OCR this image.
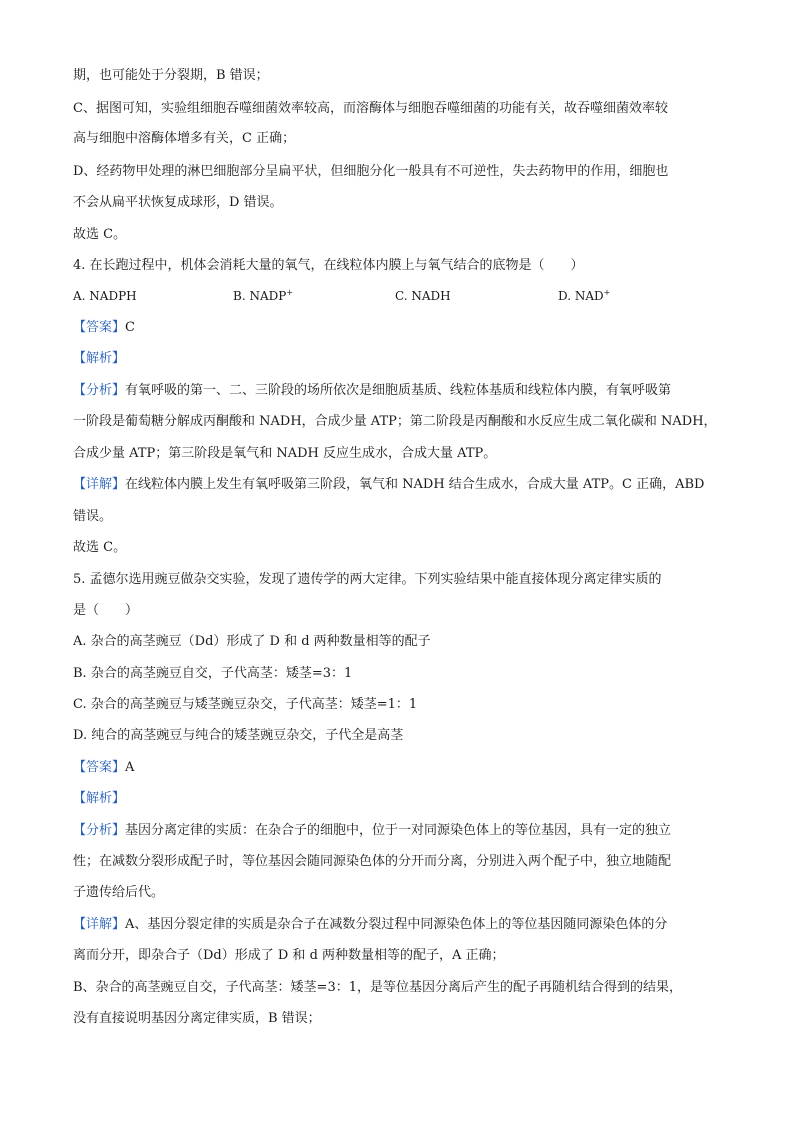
期，也可能处于分裂期，B 错误；
C、据图可知，实验组细胞吞噬细菌效率较高，而溶酶体与细胞吞噬细菌的功能有关，故吞噬细菌效率较
高与细胞中溶酶体增多有关，C 正确；
D、经药物甲处理的淋巴细胞部分呈扁平状，但细胞分化一般具有不可逆性，失去药物甲的作用，细胞也
不会从扁平状恢复成球形，D 错误。
故选 C。
4. 在长跑过程中，机体会消耗大量的氧气，在线粒体内膜上与氧气结合的底物是（　　）
A. NADPH	B. NADP+	C. NADH	D. NAD+
【答案】C
【解析】
【分析】有氧呼吸的第一、二、三阶段的场所依次是细胞质基质、线粒体基质和线粒体内膜，有氧呼吸第
一阶段是葡萄糖分解成丙酮酸和 NADH，合成少量 ATP；第二阶段是丙酮酸和水反应生成二氧化碳和 NADH，
合成少量 ATP；第三阶段是氧气和 NADH 反应生成水，合成大量 ATP。
【详解】在线粒体内膜上发生有氧呼吸第三阶段，氧气和 NADH 结合生成水，合成大量 ATP。C 正确，ABD
错误。
故选 C。
5. 孟德尔选用豌豆做杂交实验，发现了遗传学的两大定律。下列实验结果中能直接体现分离定律实质的
是（　　）
A. 杂合的高茎豌豆（Dd）形成了 D 和 d 两种数量相等的配子
B. 杂合的高茎豌豆自交，子代高茎：矮茎=3：1
C. 杂合的高茎豌豆与矮茎豌豆杂交，子代高茎：矮茎=1：1
D. 纯合的高茎豌豆与纯合的矮茎豌豆杂交，子代全是高茎
【答案】A
【解析】
【分析】基因分离定律的实质：在杂合子的细胞中，位于一对同源染色体上的等位基因，具有一定的独立
性；在减数分裂形成配子时，等位基因会随同源染色体的分开而分离，分别进入两个配子中，独立地随配
子遗传给后代。
【详解】A、基因分裂定律的实质是杂合子在减数分裂过程中同源染色体上的等位基因随同源染色体的分
离而分开，即杂合子（Dd）形成了 D 和 d 两种数量相等的配子，A 正确；
B、杂合的高茎豌豆自交，子代高茎：矮茎=3：1，是等位基因分离后产生的配子再随机结合得到的结果，
没有直接说明基因分离定律实质，B 错误；
